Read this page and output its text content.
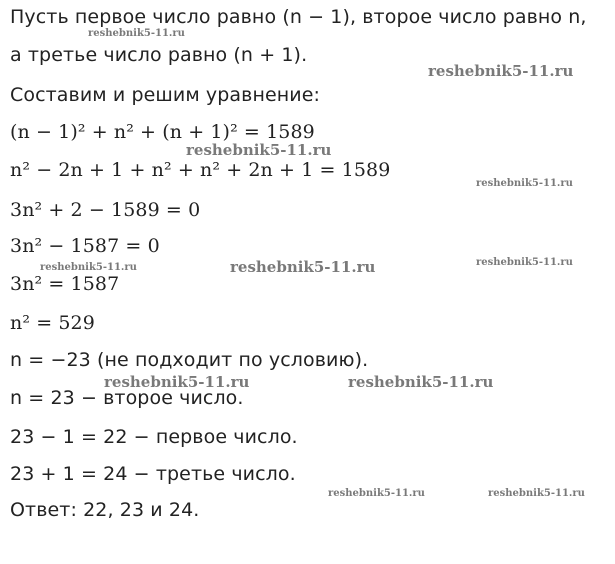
Пусть первое число равно (n − 1), второе число равно n,
а третье число равно (n + 1).
Составим и решим уравнение:
(n − 1)² + n² + (n + 1)² = 1589
n² − 2n + 1 + n² + n² + 2n + 1 = 1589
3n² + 2 − 1589 = 0
3n² − 1587 = 0
3n² = 1587
n² = 529
n = −23 (не подходит по условию).
n = 23 − второе число.
23 − 1 = 22 − первое число.
23 + 1 = 24 − третье число.
Ответ: 22, 23 и 24.
reshebnik5-11.ru
reshebnik5-11.ru
reshebnik5-11.ru
reshebnik5-11.ru
reshebnik5-11.ru	reshebnik5-11.ru	reshebnik5-11.ru
reshebnik5-11.ru	reshebnik5-11.ru
reshebnik5-11.ru	reshebnik5-11.ru
